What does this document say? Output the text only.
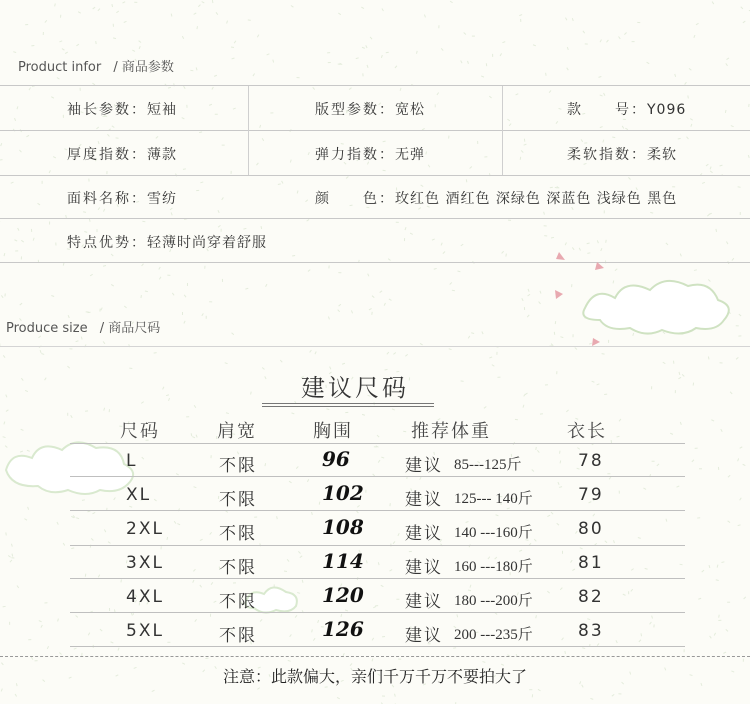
Product infor / 商品参数
袖长参数：短袖	版型参数：宽松	款　　号：Y096
厚度指数：薄款	弹力指数：无弹	柔软指数：柔软
面料名称：雪纺	颜　　色：玫红色 酒红色 深绿色 深蓝色 浅绿色 黑色
特点优势：轻薄时尚穿着舒服
Produce size / 商品尺码
建议尺码
尺码	肩宽	胸围	推荐体重	衣长
L	不限	96	建议 85---125斤	78
XL	不限	102 建议 125--- 140斤	79
2XL	不限	108 建议 140 ---160斤	80
3XL	不限	114 建议 160 ---180斤	81
4XL	不限	120 建议 180 ---200斤	82
5XL	不限	126 建议 200 ---235斤	83
注意：此款偏大，亲们千万千万不要拍大了
